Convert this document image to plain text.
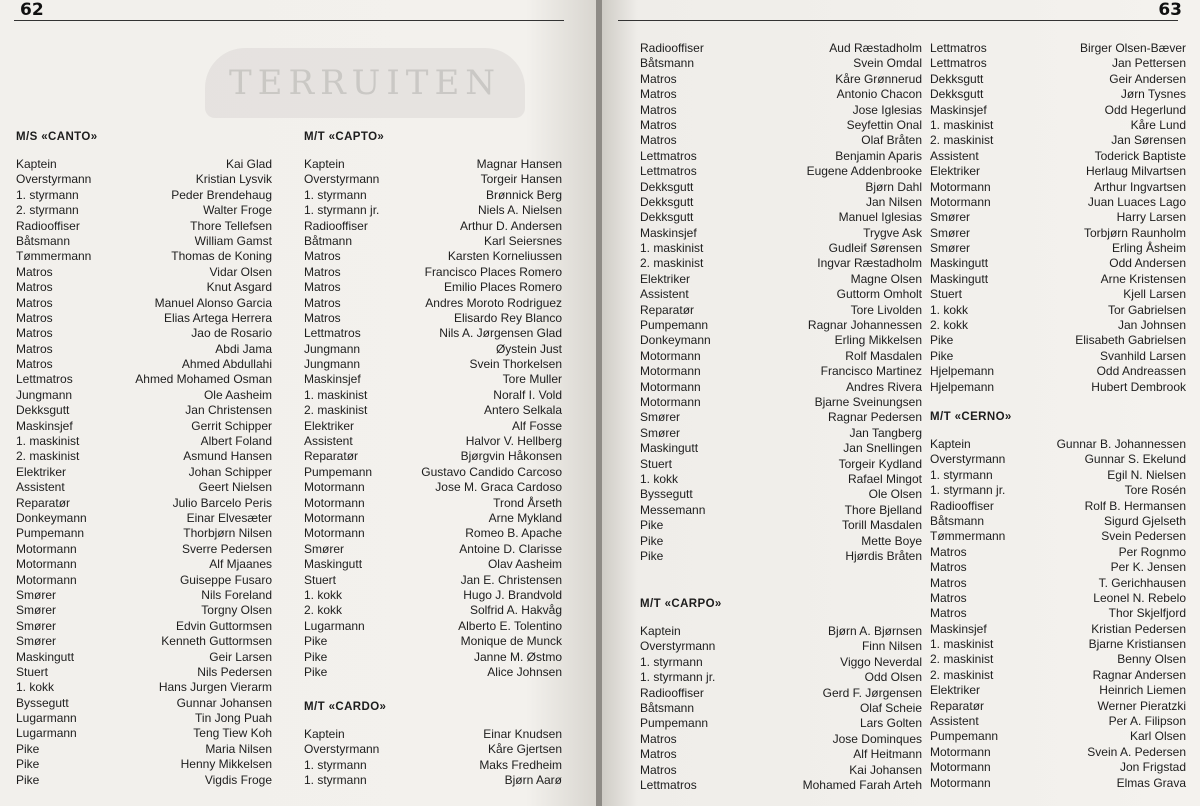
62
TERRUITEN
M/S «CANTO»
Kaptein	Kai Glad
Overstyrmann	Kristian Lysvik
1. styrmann	Peder Brendehaug
2. styrmann	Walter Froge
Radiooffiser	Thore Tellefsen
Båtsmann	William Gamst
Tømmermann	Thomas de Koning
Matros	Vidar Olsen
Matros	Knut Asgard
Matros	Manuel Alonso Garcia
Matros	Elias Artega Herrera
Matros	Jao de Rosario
Matros	Abdi Jama
Matros	Ahmed Abdullahi
Lettmatros	Ahmed Mohamed Osman
Jungmann	Ole Aasheim
Dekksgutt	Jan Christensen
Maskinsjef	Gerrit Schipper
1. maskinist	Albert Foland
2. maskinist	Asmund Hansen
Elektriker	Johan Schipper
Assistent	Geert Nielsen
Reparatør	Julio Barcelo Peris
Donkeymann	Einar Elvesæter
Pumpemann	Thorbjørn Nilsen
Motormann	Sverre Pedersen
Motormann	Alf Mjaanes
Motormann	Guiseppe Fusaro
Smører	Nils Foreland
Smører	Torgny Olsen
Smører	Edvin Guttormsen
Smører	Kenneth Guttormsen
Maskingutt	Geir Larsen
Stuert	Nils Pedersen
1. kokk	Hans Jurgen Vierarm
Byssegutt	Gunnar Johansen
Lugarmann	Tin Jong Puah
Lugarmann	Teng Tiew Koh
Pike	Maria Nilsen
Pike	Henny Mikkelsen
Pike	Vigdis Froge
M/T «CAPTO»
Kaptein	Magnar Hansen
Overstyrmann	Torgeir Hansen
1. styrmann	Brønnick Berg
1. styrmann jr.	Niels A. Nielsen
Radiooffiser	Arthur D. Andersen
Båtmann	Karl Seiersnes
Matros	Karsten Korneliussen
Matros	Francisco Places Romero
Matros	Emilio Places Romero
Matros	Andres Moroto Rodriguez
Matros	Elisardo Rey Blanco
Lettmatros	Nils A. Jørgensen Glad
Jungmann	Øystein Just
Jungmann	Svein Thorkelsen
Maskinsjef	Tore Muller
1. maskinist	Noralf I. Vold
2. maskinist	Antero Selkala
Elektriker	Alf Fosse
Assistent	Halvor V. Hellberg
Reparatør	Bjørgvin Håkonsen
Pumpemann	Gustavo Candido Carcoso
Motormann	Jose M. Graca Cardoso
Motormann	Trond Årseth
Motormann	Arne Mykland
Motormann	Romeo B. Apache
Smører	Antoine D. Clarisse
Maskingutt	Olav Aasheim
Stuert	Jan E. Christensen
1. kokk	Hugo J. Brandvold
2. kokk	Solfrid A. Hakvåg
Lugarmann	Alberto E. Tolentino
Pike	Monique de Munck
Pike	Janne M. Østmo
Pike	Alice Johnsen
M/T «CARDO»
Kaptein	Einar Knudsen
Overstyrmann	Kåre Gjertsen
1. styrmann	Maks Fredheim
1. styrmann	Bjørn Aarø
63
Radiooffiser	Aud Ræstadholm
Båtsmann	Svein Omdal
Matros	Kåre Grønnerud
Matros	Antonio Chacon
Matros	Jose Iglesias
Matros	Seyfettin Onal
Matros	Olaf Bråten
Lettmatros	Benjamin Aparis
Lettmatros	Eugene Addenbrooke
Dekksgutt	Bjørn Dahl
Dekksgutt	Jan Nilsen
Dekksgutt	Manuel Iglesias
Maskinsjef	Trygve Ask
1. maskinist	Gudleif Sørensen
2. maskinist	Ingvar Ræstadholm
Elektriker	Magne Olsen
Assistent	Guttorm Omholt
Reparatør	Tore Livolden
Pumpemann	Ragnar Johannessen
Donkeymann	Erling Mikkelsen
Motormann	Rolf Masdalen
Motormann	Francisco Martinez
Motormann	Andres Rivera
Motormann	Bjarne Sveinungsen
Smører	Ragnar Pedersen
Smører	Jan Tangberg
Maskingutt	Jan Snellingen
Stuert	Torgeir Kydland
1. kokk	Rafael Mingot
Byssegutt	Ole Olsen
Messemann	Thore Bjelland
Pike	Torill Masdalen
Pike	Mette Boye
Pike	Hjørdis Bråten
M/T «CARPO»
Kaptein	Bjørn A. Bjørnsen
Overstyrmann	Finn Nilsen
1. styrmann	Viggo Neverdal
1. styrmann jr.	Odd Olsen
Radiooffiser	Gerd F. Jørgensen
Båtsmann	Olaf Scheie
Pumpemann	Lars Golten
Matros	Jose Dominques
Matros	Alf Heitmann
Matros	Kai Johansen
Lettmatros	Mohamed Farah Arteh
Lettmatros	Birger Olsen-Bæver
Lettmatros	Jan Pettersen
Dekksgutt	Geir Andersen
Dekksgutt	Jørn Tysnes
Maskinsjef	Odd Hegerlund
1. maskinist	Kåre Lund
2. maskinist	Jan Sørensen
Assistent	Toderick Baptiste
Elektriker	Herlaug Milvartsen
Motormann	Arthur Ingvartsen
Motormann	Juan Luaces Lago
Smører	Harry Larsen
Smører	Torbjørn Raunholm
Smører	Erling Åsheim
Maskingutt	Odd Andersen
Maskingutt	Arne Kristensen
Stuert	Kjell Larsen
1. kokk	Tor Gabrielsen
2. kokk	Jan Johnsen
Pike	Elisabeth Gabrielsen
Pike	Svanhild Larsen
Hjelpemann	Odd Andreassen
Hjelpemann	Hubert Dembrook
M/T «CERNO»
Kaptein	Gunnar B. Johannessen
Overstyrmann	Gunnar S. Ekelund
1. styrmann	Egil N. Nielsen
1. styrmann jr.	Tore Rosén
Radiooffiser	Rolf B. Hermansen
Båtsmann	Sigurd Gjelseth
Tømmermann	Svein Pedersen
Matros	Per Rognmo
Matros	Per K. Jensen
Matros	T. Gerichhausen
Matros	Leonel N. Rebelo
Matros	Thor Skjelfjord
Maskinsjef	Kristian Pedersen
1. maskinist	Bjarne Kristiansen
2. maskinist	Benny Olsen
2. maskinist	Ragnar Andersen
Elektriker	Heinrich Liemen
Reparatør	Werner Pieratzki
Assistent	Per A. Filipson
Pumpemann	Karl Olsen
Motormann	Svein A. Pedersen
Motormann	Jon Frigstad
Motormann	Elmas Grava
